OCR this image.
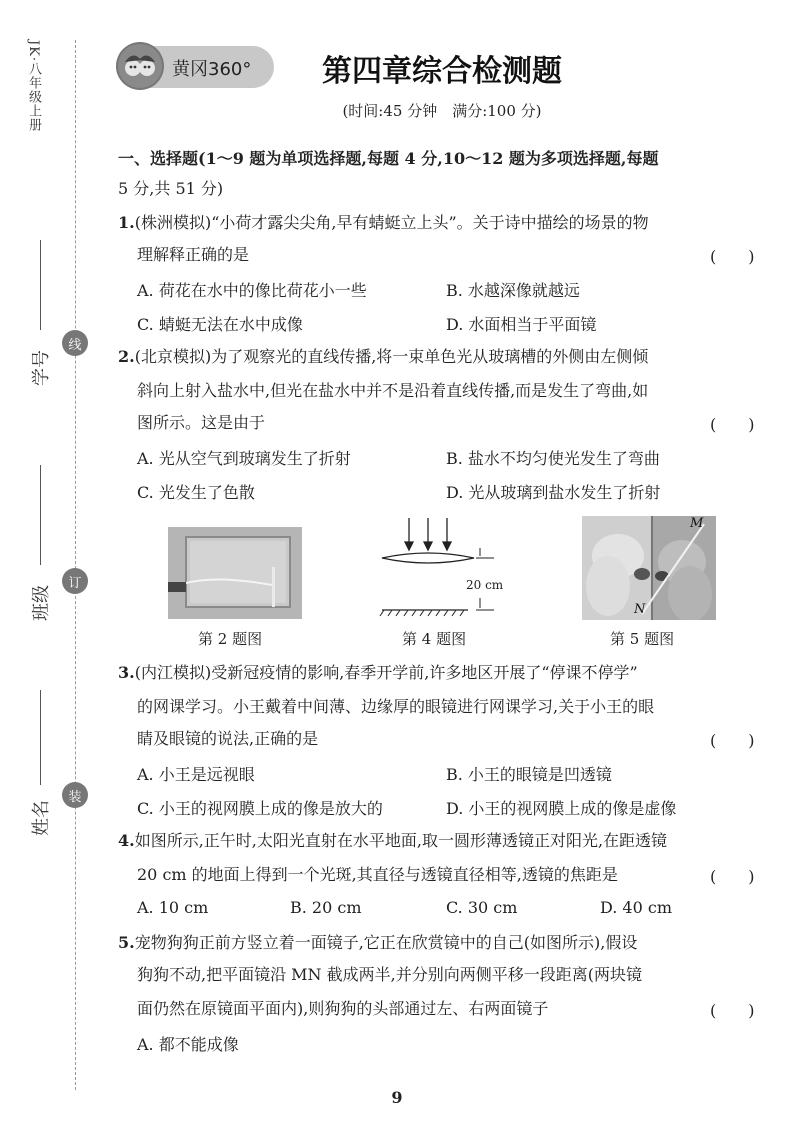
JK·八年级上册
学号
班级
姓名
线
订
装
黄冈360°	第四章综合检测题
(时间:45 分钟　满分:100 分)
一、选择题(1～9 题为单项选择题,每题 4 分,10～12 题为多项选择题,每题
5 分,共 51 分)
1.(株洲模拟)“小荷才露尖尖角,早有蜻蜓立上头”。关于诗中描绘的场景的物
理解释正确的是	(　　)
A. 荷花在水中的像比荷花小一些	B. 水越深像就越远
C. 蜻蜓无法在水中成像	D. 水面相当于平面镜
2.(北京模拟)为了观察光的直线传播,将一束单色光从玻璃槽的外侧由左侧倾
斜向上射入盐水中,但光在盐水中并不是沿着直线传播,而是发生了弯曲,如
图所示。这是由于	(　　)
A. 光从空气到玻璃发生了折射	B. 盐水不均匀使光发生了弯曲
C. 光发生了色散	D. 光从玻璃到盐水发生了折射
20 cm
M
N
第 2 题图	第 4 题图	第 5 题图
3.(内江模拟)受新冠疫情的影响,春季开学前,许多地区开展了“停课不停学”
的网课学习。小王戴着中间薄、边缘厚的眼镜进行网课学习,关于小王的眼
睛及眼镜的说法,正确的是	(　　)
A. 小王是远视眼	B. 小王的眼镜是凹透镜
C. 小王的视网膜上成的像是放大的	D. 小王的视网膜上成的像是虚像
4.如图所示,正午时,太阳光直射在水平地面,取一圆形薄透镜正对阳光,在距透镜
20 cm 的地面上得到一个光斑,其直径与透镜直径相等,透镜的焦距是	(　　)
A. 10 cm	B. 20 cm	C. 30 cm	D. 40 cm
5.宠物狗狗正前方竖立着一面镜子,它正在欣赏镜中的自己(如图所示),假设
狗狗不动,把平面镜沿 MN 截成两半,并分别向两侧平移一段距离(两块镜
面仍然在原镜面平面内),则狗狗的头部通过左、右两面镜子	(　　)
A. 都不能成像
9
